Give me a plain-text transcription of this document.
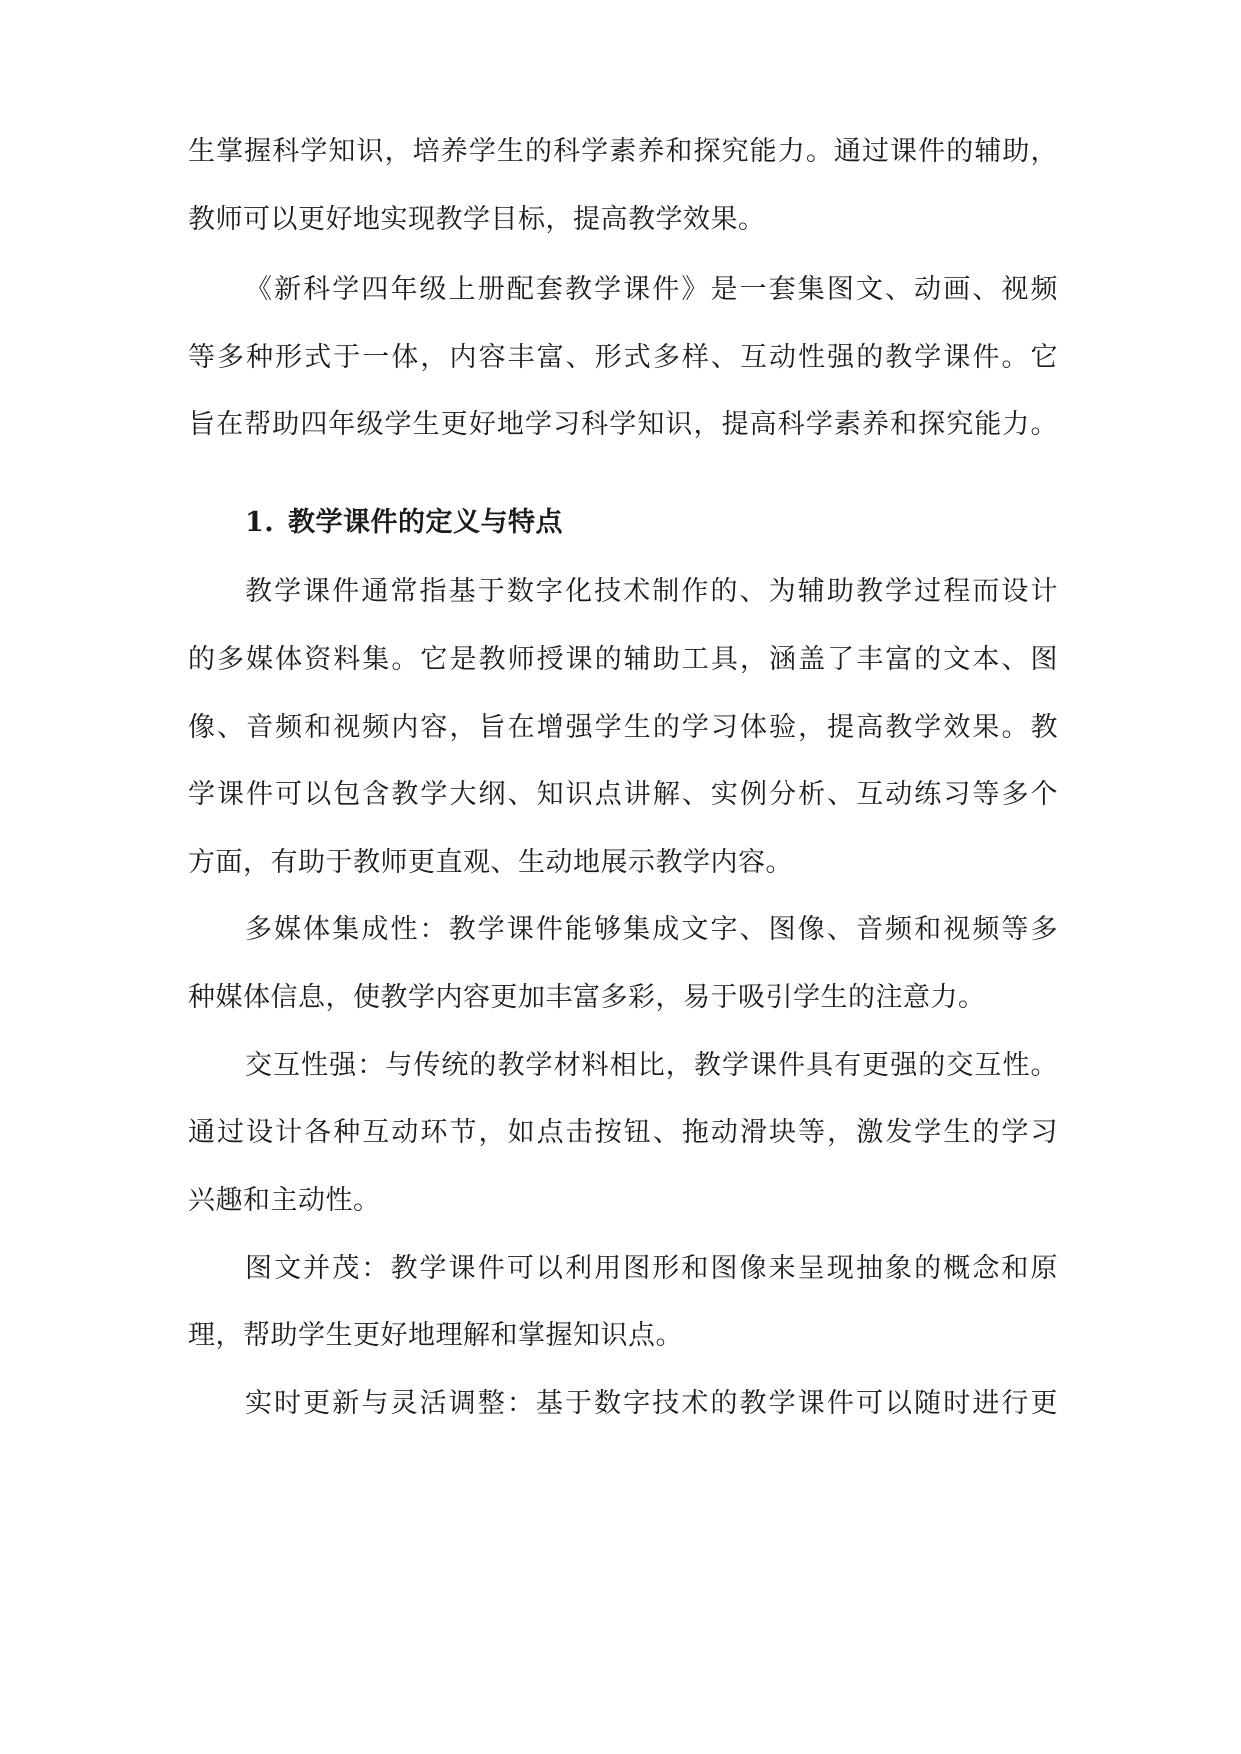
生掌握科学知识，培养学生的科学素养和探究能力。通过课件的辅助，
教师可以更好地实现教学目标，提高教学效果。
《新科学四年级上册配套教学课件》是一套集图文、动画、视频
等多种形式于一体，内容丰富、形式多样、互动性强的教学课件。它
旨在帮助四年级学生更好地学习科学知识，提高科学素养和探究能力。
1. 教学课件的定义与特点
教学课件通常指基于数字化技术制作的、为辅助教学过程而设计
的多媒体资料集。它是教师授课的辅助工具，涵盖了丰富的文本、图
像、音频和视频内容，旨在增强学生的学习体验，提高教学效果。教
学课件可以包含教学大纲、知识点讲解、实例分析、互动练习等多个
方面，有助于教师更直观、生动地展示教学内容。
多媒体集成性：教学课件能够集成文字、图像、音频和视频等多
种媒体信息，使教学内容更加丰富多彩，易于吸引学生的注意力。
交互性强：与传统的教学材料相比，教学课件具有更强的交互性。
通过设计各种互动环节，如点击按钮、拖动滑块等，激发学生的学习
兴趣和主动性。
图文并茂：教学课件可以利用图形和图像来呈现抽象的概念和原
理，帮助学生更好地理解和掌握知识点。
实时更新与灵活调整：基于数字技术的教学课件可以随时进行更
